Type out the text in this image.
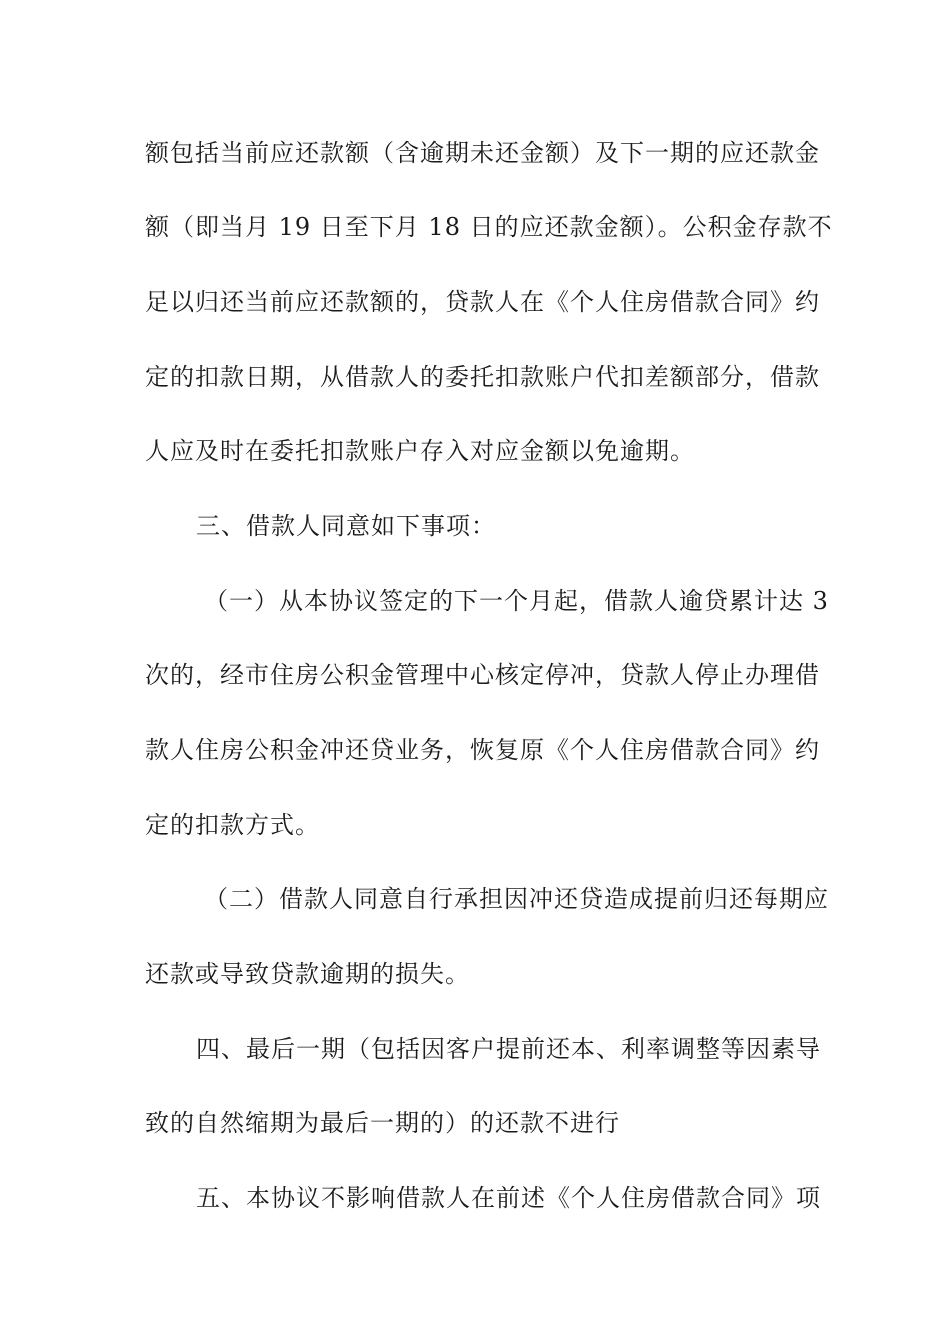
额包括当前应还款额（含逾期未还金额）及下一期的应还款金
额（即当月 19 日至下月 18 日的应还款金额）。公积金存款不
足以归还当前应还款额的，贷款人在《个人住房借款合同》约
定的扣款日期，从借款人的委托扣款账户代扣差额部分，借款
人应及时在委托扣款账户存入对应金额以免逾期。
三、借款人同意如下事项：
（一）从本协议签定的下一个月起，借款人逾贷累计达 3
次的，经市住房公积金管理中心核定停冲，贷款人停止办理借
款人住房公积金冲还贷业务，恢复原《个人住房借款合同》约
定的扣款方式。
（二）借款人同意自行承担因冲还贷造成提前归还每期应
还款或导致贷款逾期的损失。
四、最后一期（包括因客户提前还本、利率调整等因素导
致的自然缩期为最后一期的）的还款不进行
五、本协议不影响借款人在前述《个人住房借款合同》项
